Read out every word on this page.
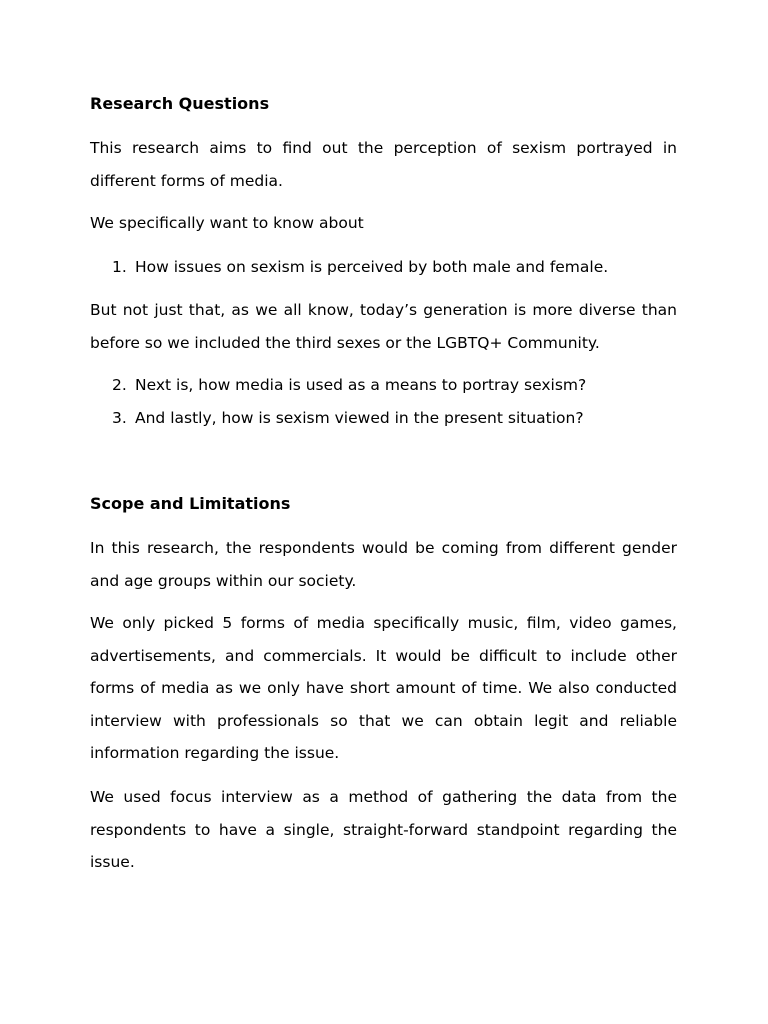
Research Questions

This research aims to find out the perception of sexism portrayed in different forms of media.

We specifically want to know about

1. How issues on sexism is perceived by both male and female.

But not just that, as we all know, today’s generation is more diverse than before so we included the third sexes or the LGBTQ+ Community.

2. Next is, how media is used as a means to portray sexism?
3. And lastly, how is sexism viewed in the present situation?
Scope and Limitations

In this research, the respondents would be coming from different gender and age groups within our society.

We only picked 5 forms of media specifically music, film, video games, advertisements, and commercials. It would be difficult to include other forms of media as we only have short amount of time. We also conducted interview with professionals so that we can obtain legit and reliable information regarding the issue.

We used focus interview as a method of gathering the data from the respondents to have a single, straight-forward standpoint regarding the issue.
